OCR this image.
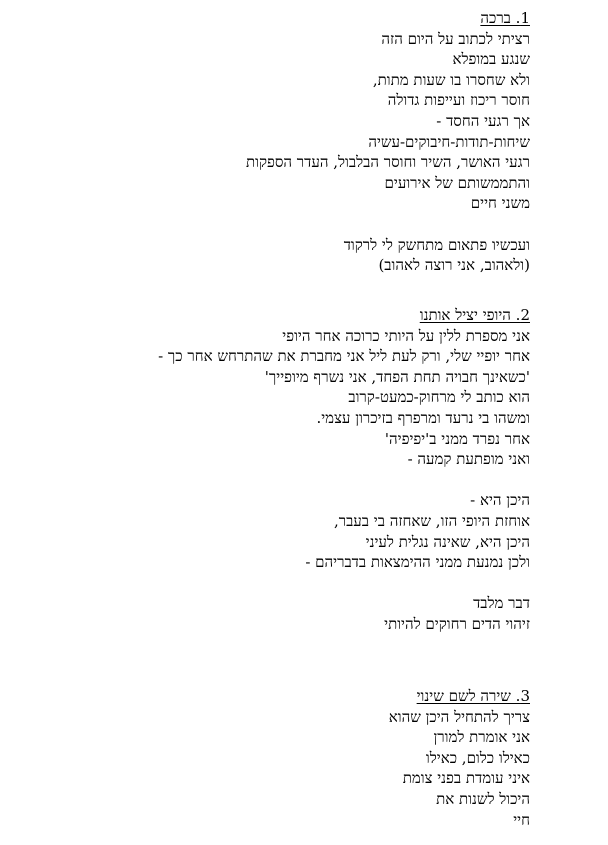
1. ברכה
רציתי לכתוב על היום הזה
שנגע במופלא
ולא שחסרו בו שעות מתות,
חוסר ריכוז ועייפות גדולה
אך רגעי החסד -
שיחות-תודות-חיבוקים-עשיה
רגעי האושר, השיר וחוסר הבלבול, העדר הספקות
והתממשותם של אירועים
משני חיים
ועכשיו פתאום מתחשק לי לרקוד
(ולאהוב, אני רוצה לאהוב)
2. היופי יציל אותנו
אני מספרת ללין על היותי כרוכה אחר היופי
אחר יופיי שלי, ורק לעת ליל אני מחברת את שהתרחש אחר כך -
'כשאינך חבויה תחת הפחד, אני נשרף מיופייך'
הוא כותב לי מרחוק-כמעט-קרוב
ומשהו בי נרעד ומרפרף בזיכרון עצמי.
אחר נפרד ממני ב'יפיפיה'
ואני מופתעת קמעה -
היכן היא -
אוחזת היופי הזו, שאחזה בי בעבר,
היכן היא, שאינה נגלית לעיני
ולכן נמנעת ממני ההימצאות בדבריהם -
דבר מלבד
זיהוי הדים רחוקים להיותי
3. שירה לשם שינוי
צריך להתחיל היכן שהוא
אני אומרת למורן
כאילו כלום, כאילו
איני עומדת בפני צומת
היכול לשנות את
חיי
